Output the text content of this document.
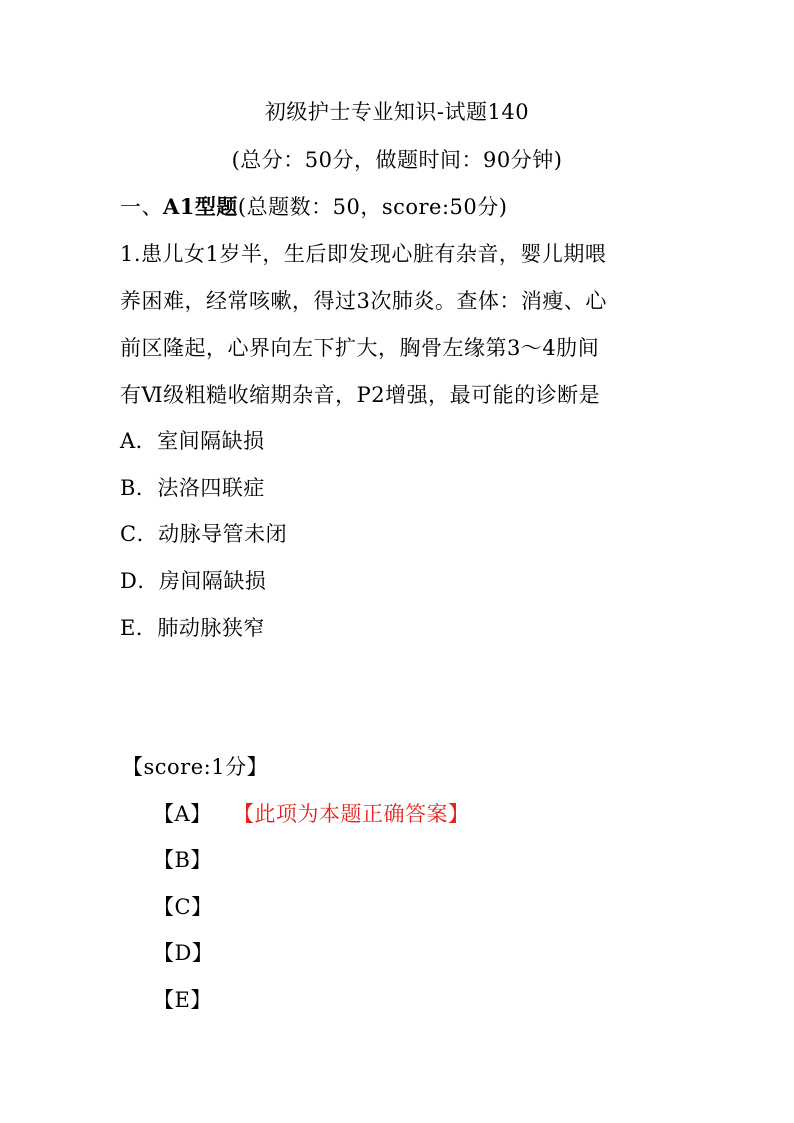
初级护士专业知识-试题140
(总分：50分，做题时间：90分钟)
一、A1型题(总题数：50，score:50分)
1.患儿女1岁半，生后即发现心脏有杂音，婴儿期喂
养困难，经常咳嗽，得过3次肺炎。查体：消瘦、心
前区隆起，心界向左下扩大，胸骨左缘第3～4肋间
有Ⅵ级粗糙收缩期杂音，P2增强，最可能的诊断是
A．室间隔缺损
B．法洛四联症
C．动脉导管未闭
D．房间隔缺损
E．肺动脉狭窄
【score:1分】
【A】 【此项为本题正确答案】
【B】
【C】
【D】
【E】
